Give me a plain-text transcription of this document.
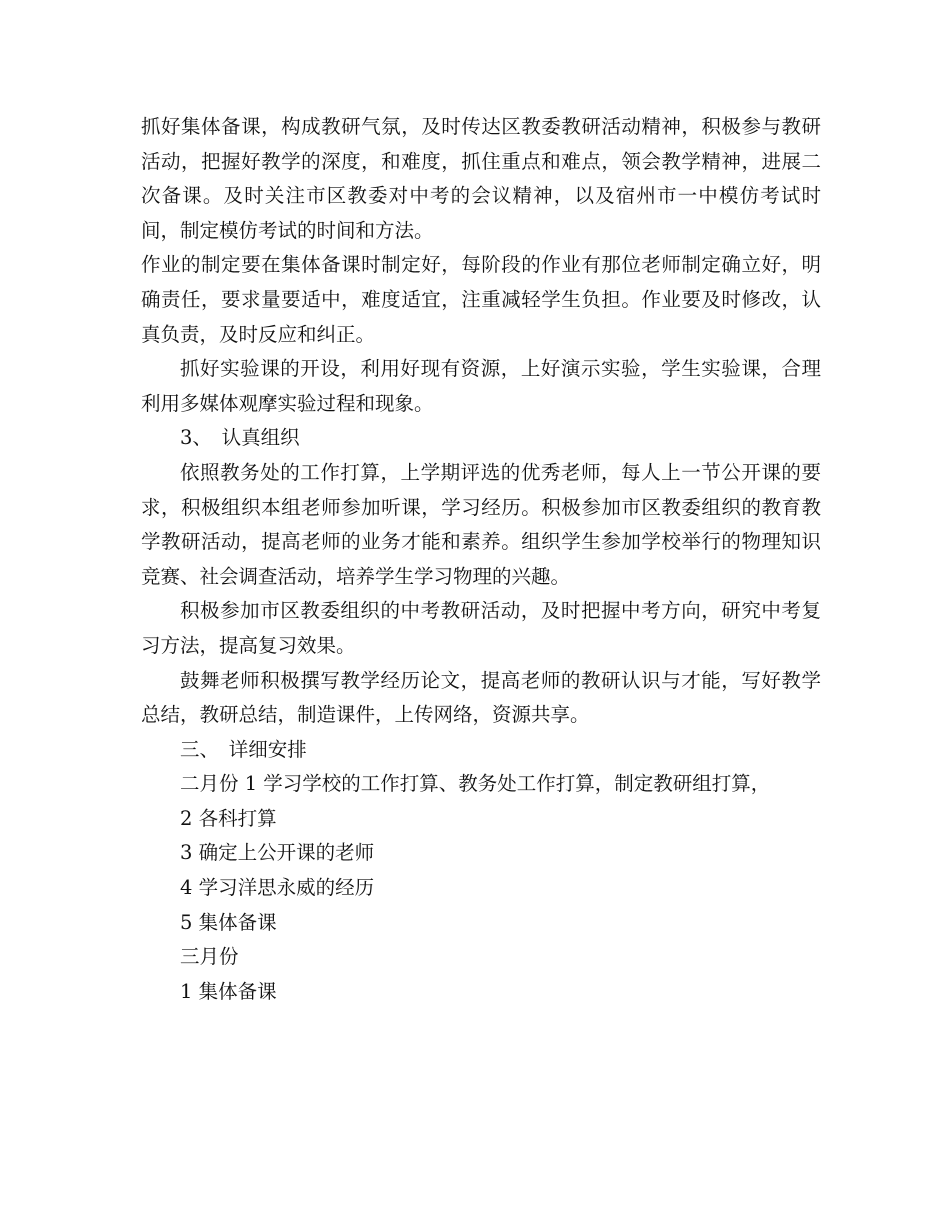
抓好集体备课，构成教研气氛，及时传达区教委教研活动精神，积极参与教研活动，把握好教学的深度，和难度，抓住重点和难点，领会教学精神，进展二次备课。及时关注市区教委对中考的会议精神，以及宿州市一中模仿考试时间，制定模仿考试的时间和方法。

作业的制定要在集体备课时制定好，每阶段的作业有那位老师制定确立好，明确责任，要求量要适中，难度适宜，注重减轻学生负担。作业要及时修改，认真负责，及时反应和纠正。

抓好实验课的开设，利用好现有资源，上好演示实验，学生实验课，合理利用多媒体观摩实验过程和现象。

3、　认真组织

依照教务处的工作打算，上学期评选的优秀老师，每人上一节公开课的要求，积极组织本组老师参加听课，学习经历。积极参加市区教委组织的教育教学教研活动，提高老师的业务才能和素养。组织学生参加学校举行的物理知识竞赛、社会调查活动，培养学生学习物理的兴趣。

积极参加市区教委组织的中考教研活动，及时把握中考方向，研究中考复习方法，提高复习效果。

鼓舞老师积极撰写教学经历论文，提高老师的教研认识与才能，写好教学总结，教研总结，制造课件，上传网络，资源共享。

三、　详细安排

二月份 1 学习学校的工作打算、教务处工作打算，制定教研组打算，

2 各科打算

3 确定上公开课的老师

4 学习洋思永威的经历

5 集体备课

三月份

1 集体备课
